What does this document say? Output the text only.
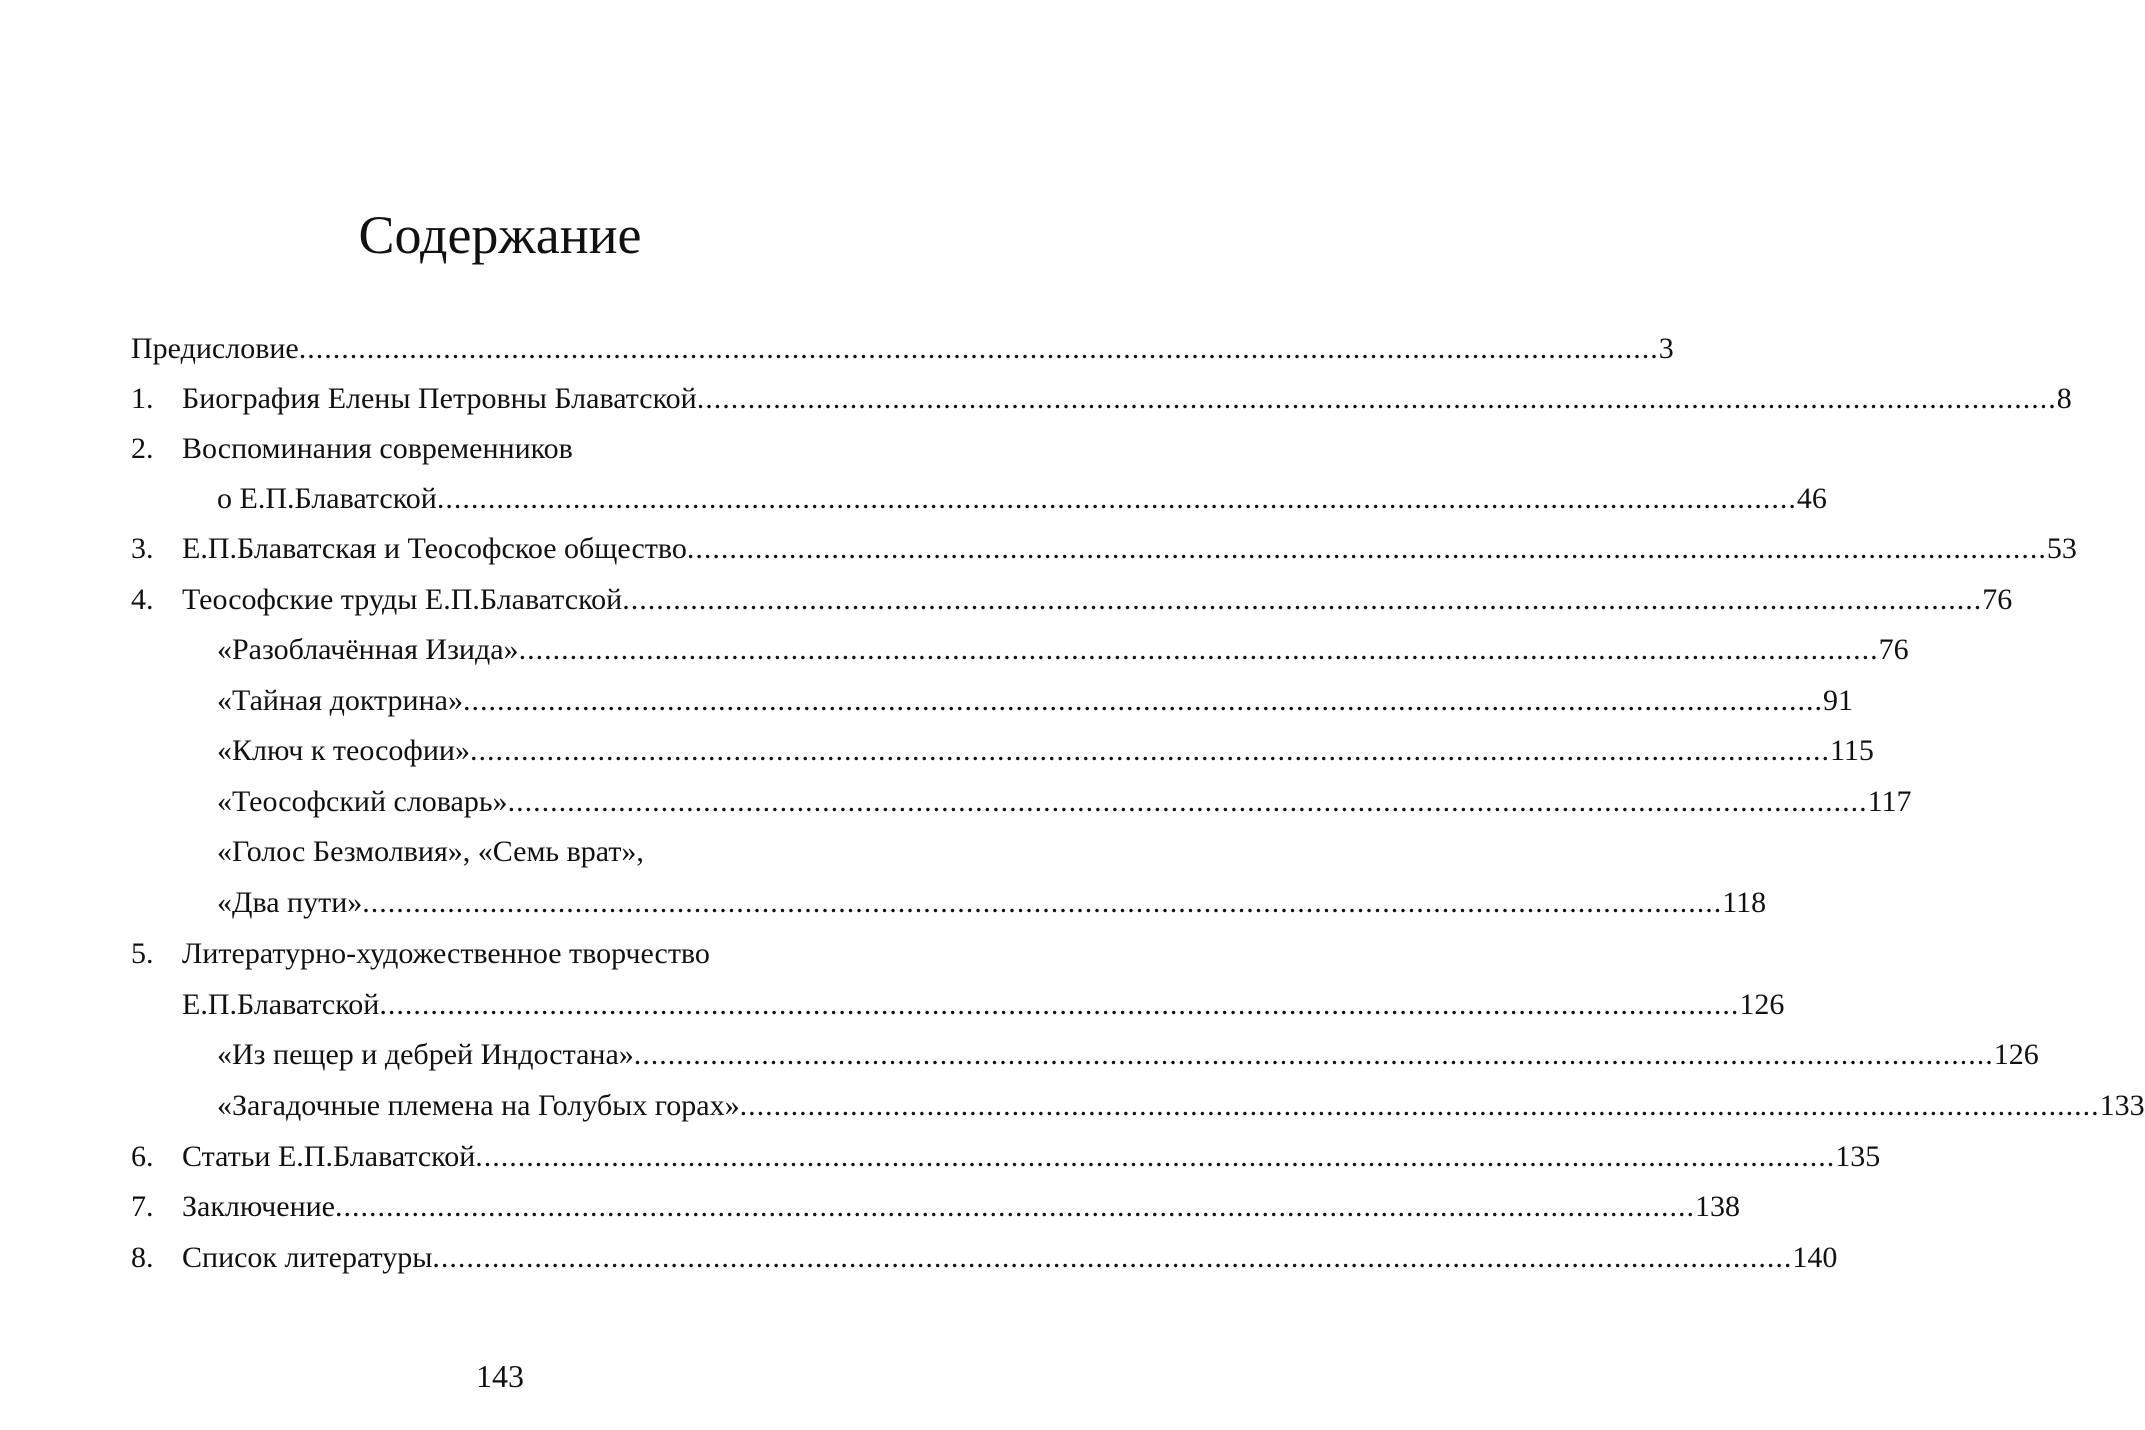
Содержание
Предисловие ................................................................................................................................................................ 3
1. Биография Елены Петровны Блаватской ................................................................................................................................................................ 8
2. Воспоминания современников
о Е.П.Блаватской ................................................................................................................................................................ 46
3. Е.П.Блаватская и Теософское общество ................................................................................................................................................................ 53
4. Теософские труды Е.П.Блаватской ................................................................................................................................................................ 76
«Разоблачённая Изида» ................................................................................................................................................................ 76
«Тайная доктрина» ................................................................................................................................................................ 91
«Ключ к теософии» ................................................................................................................................................................ 115
«Теософский словарь» ................................................................................................................................................................ 117
«Голос Безмолвия», «Семь врат»,
«Два пути» ................................................................................................................................................................ 118
5. Литературно-художественное творчество
Е.П.Блаватской ................................................................................................................................................................ 126
«Из пещер и дебрей Индостана» ................................................................................................................................................................ 126
«Загадочные племена на Голубых горах» ................................................................................................................................................................ 133
6. Статьи Е.П.Блаватской ................................................................................................................................................................ 135
7. Заключение ................................................................................................................................................................ 138
8. Список литературы ................................................................................................................................................................ 140
143
